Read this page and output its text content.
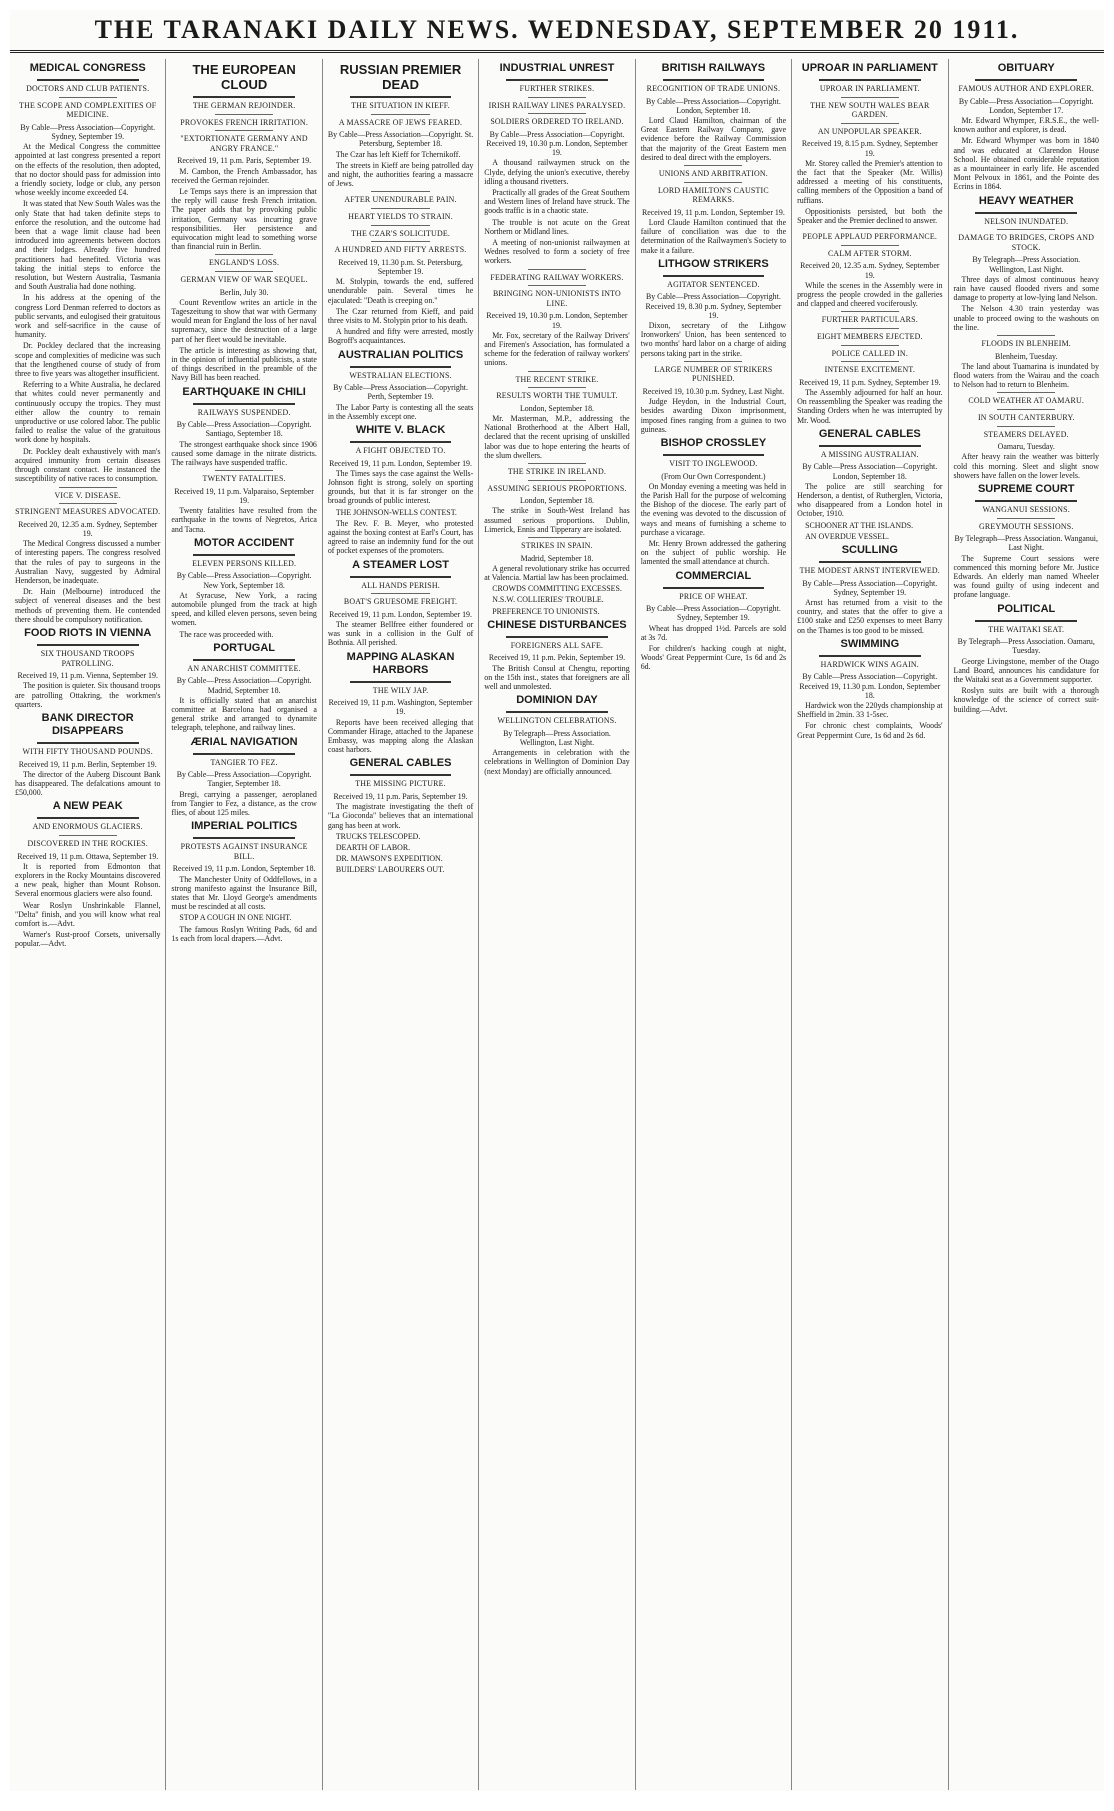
THE TARANAKI DAILY NEWS. WEDNESDAY, SEPTEMBER 20 1911.
MEDICAL CONGRESS
DOCTORS AND CLUB PATIENTS.
THE SCOPE AND COMPLEXITIES OF MEDICINE.
By Cable—Press Association—Copyright. Sydney, September 19.

At the Medical Congress the committee appointed at last congress presented a report on the effects of the resolution, then adopted, that no doctor should pass for admission into a friendly society, lodge or club, any person whose weekly income exceeded £4.

It was stated that New South Wales was the only State that had taken definite steps to enforce the resolution, and the outcome had been that a wage limit clause had been introduced into agreements between doctors and their lodges. Already five hundred practitioners had benefited. Victoria was taking the initial steps to enforce the resolution, but Western Australia, Tasmania and South Australia had done nothing.

In his address at the opening of the congress Lord Denman referred to doctors as public servants, and eulogised their gratuitous work and self-sacrifice in the cause of humanity.

Dr. Pockley declared that the increasing scope and complexities of medicine was such that the lengthened course of study of from three to five years was altogether insufficient.

Referring to a White Australia, he declared that whites could never permanently and continuously occupy the tropics. They must either allow the country to remain unproductive or use colored labor. The public failed to realise the value of the gratuitous work done by hospitals.

Dr. Pockley dealt exhaustively with man's acquired immunity from certain diseases through constant contact. He instanced the susceptibility of native races to consumption.

VICE V. DISEASE.
STRINGENT MEASURES ADVOCATED.
Received 20, 12.35 a.m. Sydney, September 19.

The Medical Congress discussed a number of interesting papers. The congress resolved that the rules of pay to surgeons in the Australian Navy, suggested by Admiral Henderson, be inadequate.

Dr. Hain (Melbourne) introduced the subject of venereal diseases and the best methods of preventing them. He contended there should be compulsory notification.

FOOD RIOTS IN VIENNA
SIX THOUSAND TROOPS PATROLLING.
Received 19, 11 p.m. Vienna, September 19.

The position is quieter. Six thousand troops are patrolling Ottakring, the workmen's quarters.

BANK DIRECTOR DISAPPEARS
WITH FIFTY THOUSAND POUNDS.
Received 19, 11 p.m. Berlin, September 19.

The director of the Auberg Discount Bank has disappeared. The defalcations amount to £50,000.

A NEW PEAK
AND ENORMOUS GLACIERS.
DISCOVERED IN THE ROCKIES.
Received 19, 11 p.m. Ottawa, September 19.

It is reported from Edmonton that explorers in the Rocky Mountains discovered a new peak, higher than Mount Robson. Several enormous glaciers were also found.

Wear Roslyn Unshrinkable Flannel, "Delta" finish, and you will know what real comfort is.—Advt.

Warner's Rust-proof Corsets, universally popular.—Advt.

THE EUROPEAN CLOUD
THE GERMAN REJOINDER.
PROVOKES FRENCH IRRITATION.
"EXTORTIONATE GERMANY AND ANGRY FRANCE."
Received 19, 11 p.m. Paris, September 19.

M. Cambon, the French Ambassador, has received the German rejoinder.

Le Temps says there is an impression that the reply will cause fresh French irritation. The paper adds that by provoking public irritation, Germany was incurring grave responsibilities. Her persistence and equivocation might lead to something worse than financial ruin in Berlin.

ENGLAND'S LOSS.
GERMAN VIEW OF WAR SEQUEL.
Berlin, July 30.

Count Reventlow writes an article in the Tageszeitung to show that war with Germany would mean for England the loss of her naval supremacy, since the destruction of a large part of her fleet would be inevitable.

The article is interesting as showing that, in the opinion of influential publicists, a state of things described in the preamble of the Navy Bill has been reached.

EARTHQUAKE IN CHILI
RAILWAYS SUSPENDED.
By Cable—Press Association—Copyright. Santiago, September 18.

The strongest earthquake shock since 1906 caused some damage in the nitrate districts. The railways have suspended traffic.

TWENTY FATALITIES.
Received 19, 11 p.m. Valparaiso, September 19.

Twenty fatalities have resulted from the earthquake in the towns of Negretos, Arica and Tacna.

MOTOR ACCIDENT
ELEVEN PERSONS KILLED.
By Cable—Press Association—Copyright. New York, September 18.

At Syracuse, New York, a racing automobile plunged from the track at high speed, and killed eleven persons, seven being women.

The race was proceeded with.

PORTUGAL
AN ANARCHIST COMMITTEE.
By Cable—Press Association—Copyright. Madrid, September 18.

It is officially stated that an anarchist committee at Barcelona had organised a general strike and arranged to dynamite telegraph, telephone, and railway lines.

ÆRIAL NAVIGATION
TANGIER TO FEZ.
By Cable—Press Association—Copyright. Tangier, September 18.

Bregi, carrying a passenger, aeroplaned from Tangier to Fez, a distance, as the crow flies, of about 125 miles.

IMPERIAL POLITICS
PROTESTS AGAINST INSURANCE BILL.
Received 19, 11 p.m. London, September 18.

The Manchester Unity of Oddfellows, in a strong manifesto against the Insurance Bill, states that Mr. Lloyd George's amendments must be rescinded at all costs.

STOP A COUGH IN ONE NIGHT.

The famous Roslyn Writing Pads, 6d and 1s each from local drapers.—Advt.

RUSSIAN PREMIER DEAD
THE SITUATION IN KIEFF.
A MASSACRE OF JEWS FEARED.
By Cable—Press Association—Copyright. St. Petersburg, September 18.

The Czar has left Kieff for Tchernikoff.

The streets in Kieff are being patrolled day and night, the authorities fearing a massacre of Jews.

AFTER UNENDURABLE PAIN.
HEART YIELDS TO STRAIN.
THE CZAR'S SOLICITUDE.
A HUNDRED AND FIFTY ARRESTS.
Received 19, 11.30 p.m. St. Petersburg, September 19.

M. Stolypin, towards the end, suffered unendurable pain. Several times he ejaculated: "Death is creeping on."

The Czar returned from Kieff, and paid three visits to M. Stolypin prior to his death.

A hundred and fifty were arrested, mostly Bogroff's acquaintances.

AUSTRALIAN POLITICS
WESTRALIAN ELECTIONS.
By Cable—Press Association—Copyright. Perth, September 19.

The Labor Party is contesting all the seats in the Assembly except one.

WHITE V. BLACK
A FIGHT OBJECTED TO.
Received 19, 11 p.m. London, September 19.

The Times says the case against the Wells-Johnson fight is strong, solely on sporting grounds, but that it is far stronger on the broad grounds of public interest.

THE JOHNSON-WELLS CONTEST.

The Rev. F. B. Meyer, who protested against the boxing contest at Earl's Court, has agreed to raise an indemnity fund for the out of pocket expenses of the promoters.

A STEAMER LOST
ALL HANDS PERISH.
BOAT'S GRUESOME FREIGHT.
Received 19, 11 p.m. London, September 19.

The steamer Bellfree either foundered or was sunk in a collision in the Gulf of Bothnia. All perished.

MAPPING ALASKAN HARBORS
THE WILY JAP.
Received 19, 11 p.m. Washington, September 19.

Reports have been received alleging that Commander Hirage, attached to the Japanese Embassy, was mapping along the Alaskan coast harbors.

GENERAL CABLES
THE MISSING PICTURE.
Received 19, 11 p.m. Paris, September 19.

The magistrate investigating the theft of "La Gioconda" believes that an international gang has been at work.

TRUCKS TELESCOPED.

DEARTH OF LABOR.

DR. MAWSON'S EXPEDITION.

BUILDERS' LABOURERS OUT.

INDUSTRIAL UNREST
FURTHER STRIKES.
IRISH RAILWAY LINES PARALYSED.
SOLDIERS ORDERED TO IRELAND.
By Cable—Press Association—Copyright. Received 19, 10.30 p.m. London, September 19.

A thousand railwaymen struck on the Clyde, defying the union's executive, thereby idling a thousand rivetters.

Practically all grades of the Great Southern and Western lines of Ireland have struck. The goods traffic is in a chaotic state.

The trouble is not acute on the Great Northern or Midland lines.

A meeting of non-unionist railwaymen at Wednes resolved to form a society of free workers.

FEDERATING RAILWAY WORKERS.
BRINGING NON-UNIONISTS INTO LINE.
Received 19, 10.30 p.m. London, September 19.

Mr. Fox, secretary of the Railway Drivers' and Firemen's Association, has formulated a scheme for the federation of railway workers' unions.

THE RECENT STRIKE.
RESULTS WORTH THE TUMULT.
London, September 18.

Mr. Masterman, M.P., addressing the National Brotherhood at the Albert Hall, declared that the recent uprising of unskilled labor was due to hope entering the hearts of the slum dwellers.

THE STRIKE IN IRELAND.
ASSUMING SERIOUS PROPORTIONS.
London, September 18.

The strike in South-West Ireland has assumed serious proportions. Dublin, Limerick, Ennis and Tipperary are isolated.

STRIKES IN SPAIN.
Madrid, September 18.

A general revolutionary strike has occurred at Valencia. Martial law has been proclaimed.

CROWDS COMMITTING EXCESSES.

N.S.W. COLLIERIES' TROUBLE.

PREFERENCE TO UNIONISTS.

CHINESE DISTURBANCES
FOREIGNERS ALL SAFE.
Received 19, 11 p.m. Pekin, September 19.

The British Consul at Chengtu, reporting on the 15th inst., states that foreigners are all well and unmolested.

DOMINION DAY
WELLINGTON CELEBRATIONS.
By Telegraph—Press Association. Wellington, Last Night.

Arrangements in celebration with the celebrations in Wellington of Dominion Day (next Monday) are officially announced.

BRITISH RAILWAYS
RECOGNITION OF TRADE UNIONS.
By Cable—Press Association—Copyright. London, September 18.

Lord Claud Hamilton, chairman of the Great Eastern Railway Company, gave evidence before the Railway Commission that the majority of the Great Eastern men desired to deal direct with the employers.

UNIONS AND ARBITRATION.
LORD HAMILTON'S CAUSTIC REMARKS.
Received 19, 11 p.m. London, September 19.

Lord Claude Hamilton continued that the failure of conciliation was due to the determination of the Railwaymen's Society to make it a failure.

LITHGOW STRIKERS
AGITATOR SENTENCED.
By Cable—Press Association—Copyright. Received 19, 8.30 p.m. Sydney, September 19.

Dixon, secretary of the Lithgow Ironworkers' Union, has been sentenced to two months' hard labor on a charge of aiding persons taking part in the strike.

LARGE NUMBER OF STRIKERS PUNISHED.
Received 19, 10.30 p.m. Sydney, Last Night.

Judge Heydon, in the Industrial Court, besides awarding Dixon imprisonment, imposed fines ranging from a guinea to two guineas.

BISHOP CROSSLEY
VISIT TO INGLEWOOD.
(From Our Own Correspondent.)

On Monday evening a meeting was held in the Parish Hall for the purpose of welcoming the Bishop of the diocese. The early part of the evening was devoted to the discussion of ways and means of furnishing a scheme to purchase a vicarage.

Mr. Henry Brown addressed the gathering on the subject of public worship. He lamented the small attendance at church.

COMMERCIAL
PRICE OF WHEAT.
By Cable—Press Association—Copyright. Sydney, September 19.

Wheat has dropped 1½d. Parcels are sold at 3s 7d.

For children's hacking cough at night, Woods' Great Peppermint Cure, 1s 6d and 2s 6d.

UPROAR IN PARLIAMENT
UPROAR IN PARLIAMENT.
THE NEW SOUTH WALES BEAR GARDEN.
AN UNPOPULAR SPEAKER.
Received 19, 8.15 p.m. Sydney, September 19.

Mr. Storey called the Premier's attention to the fact that the Speaker (Mr. Willis) addressed a meeting of his constituents, calling members of the Opposition a band of ruffians.

Oppositionists persisted, but both the Speaker and the Premier declined to answer.

PEOPLE APPLAUD PERFORMANCE.
CALM AFTER STORM.
Received 20, 12.35 a.m. Sydney, September 19.

While the scenes in the Assembly were in progress the people crowded in the galleries and clapped and cheered vociferously.

FURTHER PARTICULARS.
EIGHT MEMBERS EJECTED.
POLICE CALLED IN.
INTENSE EXCITEMENT.
Received 19, 11 p.m. Sydney, September 19.

The Assembly adjourned for half an hour. On reassembling the Speaker was reading the Standing Orders when he was interrupted by Mr. Wood.

GENERAL CABLES
A MISSING AUSTRALIAN.
By Cable—Press Association—Copyright. London, September 18.

The police are still searching for Henderson, a dentist, of Rutherglen, Victoria, who disappeared from a London hotel in October, 1910.

SCHOONER AT THE ISLANDS.

AN OVERDUE VESSEL.

SCULLING
THE MODEST ARNST INTERVIEWED.
By Cable—Press Association—Copyright. Sydney, September 19.

Arnst has returned from a visit to the country, and states that the offer to give a £100 stake and £250 expenses to meet Barry on the Thames is too good to be missed.

SWIMMING
HARDWICK WINS AGAIN.
By Cable—Press Association—Copyright. Received 19, 11.30 p.m. London, September 18.

Hardwick won the 220yds championship at Sheffield in 2min. 33 1-5sec.

For chronic chest complaints, Woods' Great Peppermint Cure, 1s 6d and 2s 6d.

OBITUARY
FAMOUS AUTHOR AND EXPLORER.
By Cable—Press Association—Copyright. London, September 17.

Mr. Edward Whymper, F.R.S.E., the well-known author and explorer, is dead.

Mr. Edward Whymper was born in 1840 and was educated at Clarendon House School. He obtained considerable reputation as a mountaineer in early life. He ascended Mont Pelvoux in 1861, and the Pointe des Ecrins in 1864.

HEAVY WEATHER
NELSON INUNDATED.
DAMAGE TO BRIDGES, CROPS AND STOCK.
By Telegraph—Press Association. Wellington, Last Night.

Three days of almost continuous heavy rain have caused flooded rivers and some damage to property at low-lying land Nelson.

The Nelson 4.30 train yesterday was unable to proceed owing to the washouts on the line.

FLOODS IN BLENHEIM.
Blenheim, Tuesday.

The land about Tuamarina is inundated by flood waters from the Wairau and the coach to Nelson had to return to Blenheim.

COLD WEATHER AT OAMARU.
IN SOUTH CANTERBURY.
STEAMERS DELAYED.
Oamaru, Tuesday.

After heavy rain the weather was bitterly cold this morning. Sleet and slight snow showers have fallen on the lower levels.

SUPREME COURT
WANGANUI SESSIONS.
GREYMOUTH SESSIONS.
By Telegraph—Press Association. Wanganui, Last Night.

The Supreme Court sessions were commenced this morning before Mr. Justice Edwards. An elderly man named Wheeler was found guilty of using indecent and profane language.

POLITICAL
THE WAITAKI SEAT.
By Telegraph—Press Association. Oamaru, Tuesday.

George Livingstone, member of the Otago Land Board, announces his candidature for the Waitaki seat as a Government supporter.

Roslyn suits are built with a thorough knowledge of the science of correct suit-building.—Advt.
